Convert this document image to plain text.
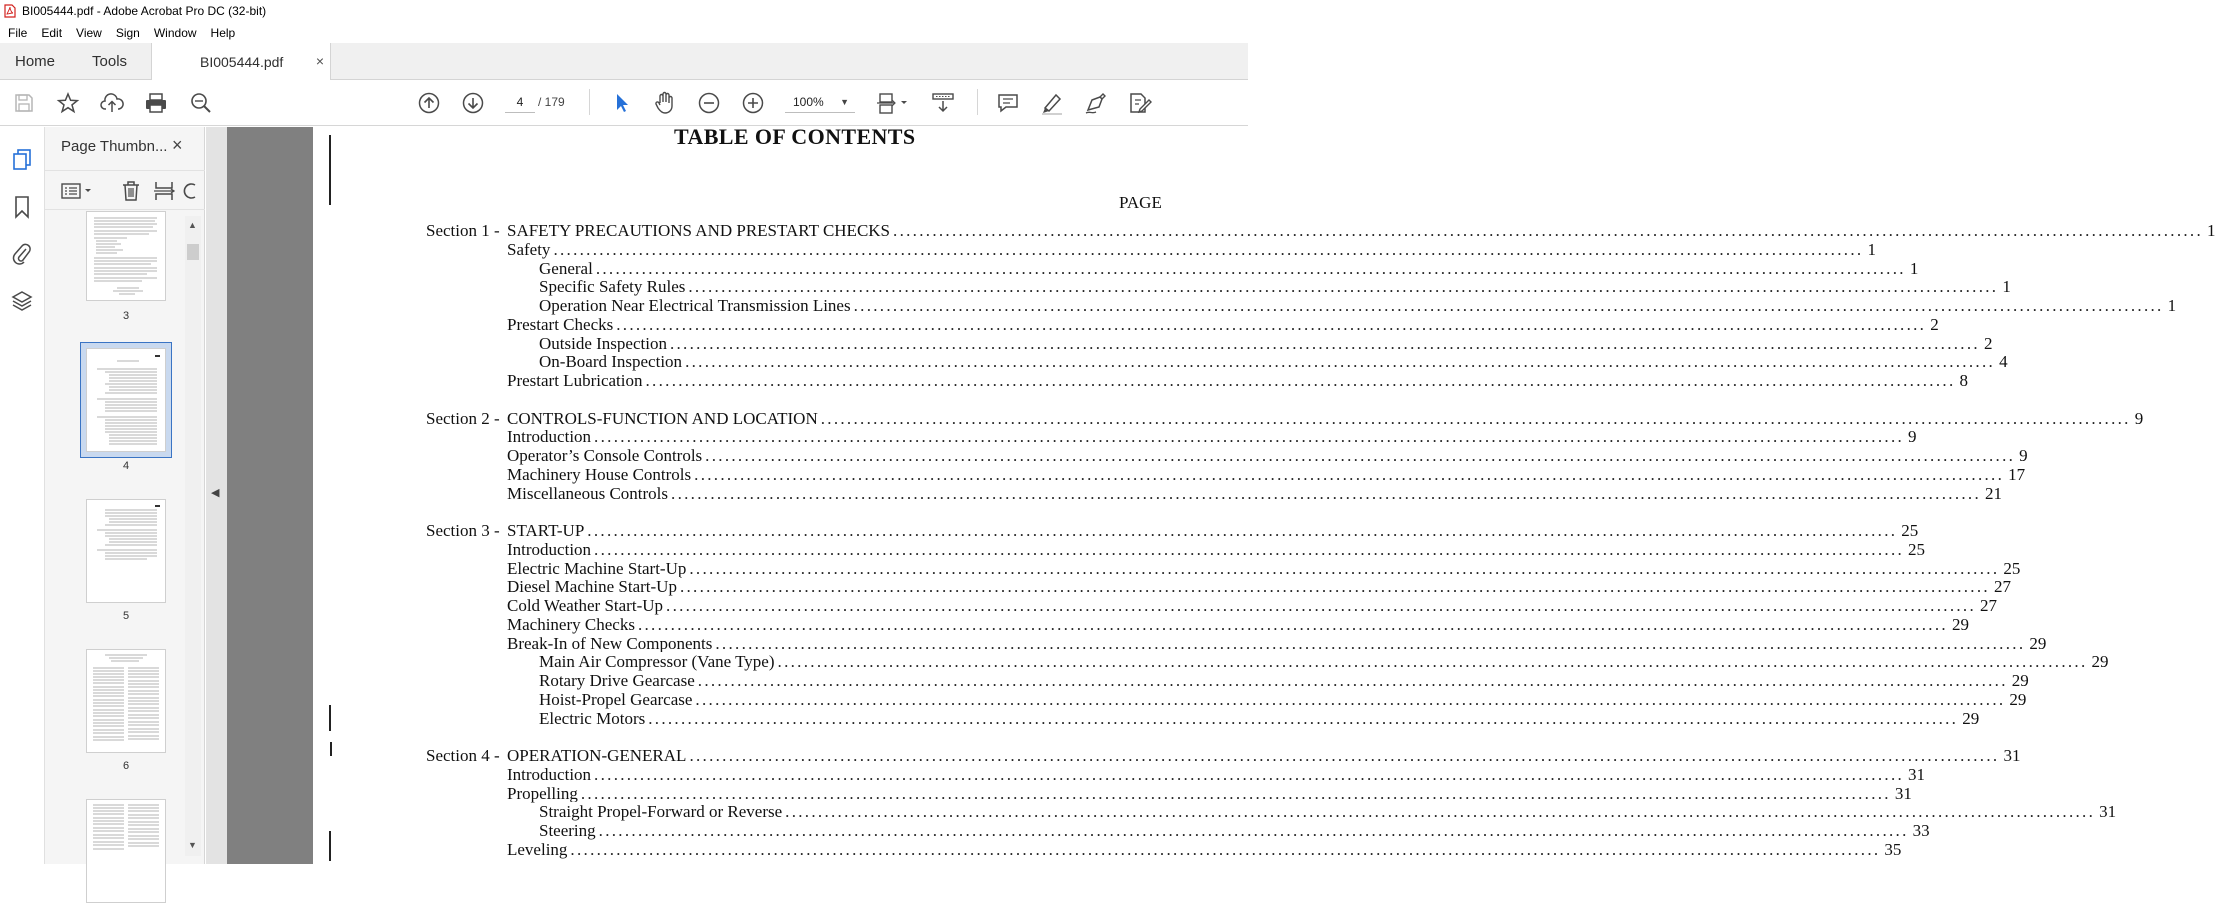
BI005444.pdf - Adobe Acrobat Pro DC (32-bit)
File	Edit	View	Sign	Window	Help
Home	Tools	BI005444.pdf ×
4	/ 179	100% ▼
Page Thumbn... ×
3
4
5
6
▲
▼
◀
TABLE OF CONTENTS
PAGE
Section 1 - SAFETY PRECAUTIONS AND PRESTART CHECKS ........................................................................................................................................................................................................ 1
Safety ........................................................................................................................................................................................................ 1
General ........................................................................................................................................................................................................ 1
Specific Safety Rules ........................................................................................................................................................................................................ 1
Operation Near Electrical Transmission Lines ........................................................................................................................................................................................................ 1
Prestart Checks ........................................................................................................................................................................................................ 2
Outside Inspection ........................................................................................................................................................................................................ 2
On-Board Inspection ........................................................................................................................................................................................................ 4
Prestart Lubrication ........................................................................................................................................................................................................ 8
Section 2 - CONTROLS-FUNCTION AND LOCATION ........................................................................................................................................................................................................ 9
Introduction ........................................................................................................................................................................................................ 9
Operator’s Console Controls ........................................................................................................................................................................................................ 9
Machinery House Controls ........................................................................................................................................................................................................ 17
Miscellaneous Controls ........................................................................................................................................................................................................ 21
Section 3 - START-UP ........................................................................................................................................................................................................ 25
Introduction ........................................................................................................................................................................................................ 25
Electric Machine Start-Up ........................................................................................................................................................................................................ 25
Diesel Machine Start-Up ........................................................................................................................................................................................................ 27
Cold Weather Start-Up ........................................................................................................................................................................................................ 27
Machinery Checks ........................................................................................................................................................................................................ 29
Break-In of New Components ........................................................................................................................................................................................................ 29
Main Air Compressor (Vane Type) ........................................................................................................................................................................................................ 29
Rotary Drive Gearcase ........................................................................................................................................................................................................ 29
Hoist-Propel Gearcase ........................................................................................................................................................................................................ 29
Electric Motors ........................................................................................................................................................................................................ 29
Section 4 - OPERATION-GENERAL ........................................................................................................................................................................................................ 31
Introduction ........................................................................................................................................................................................................ 31
Propelling ........................................................................................................................................................................................................ 31
Straight Propel-Forward or Reverse ........................................................................................................................................................................................................ 31
Steering ........................................................................................................................................................................................................ 33
Leveling ........................................................................................................................................................................................................ 35
